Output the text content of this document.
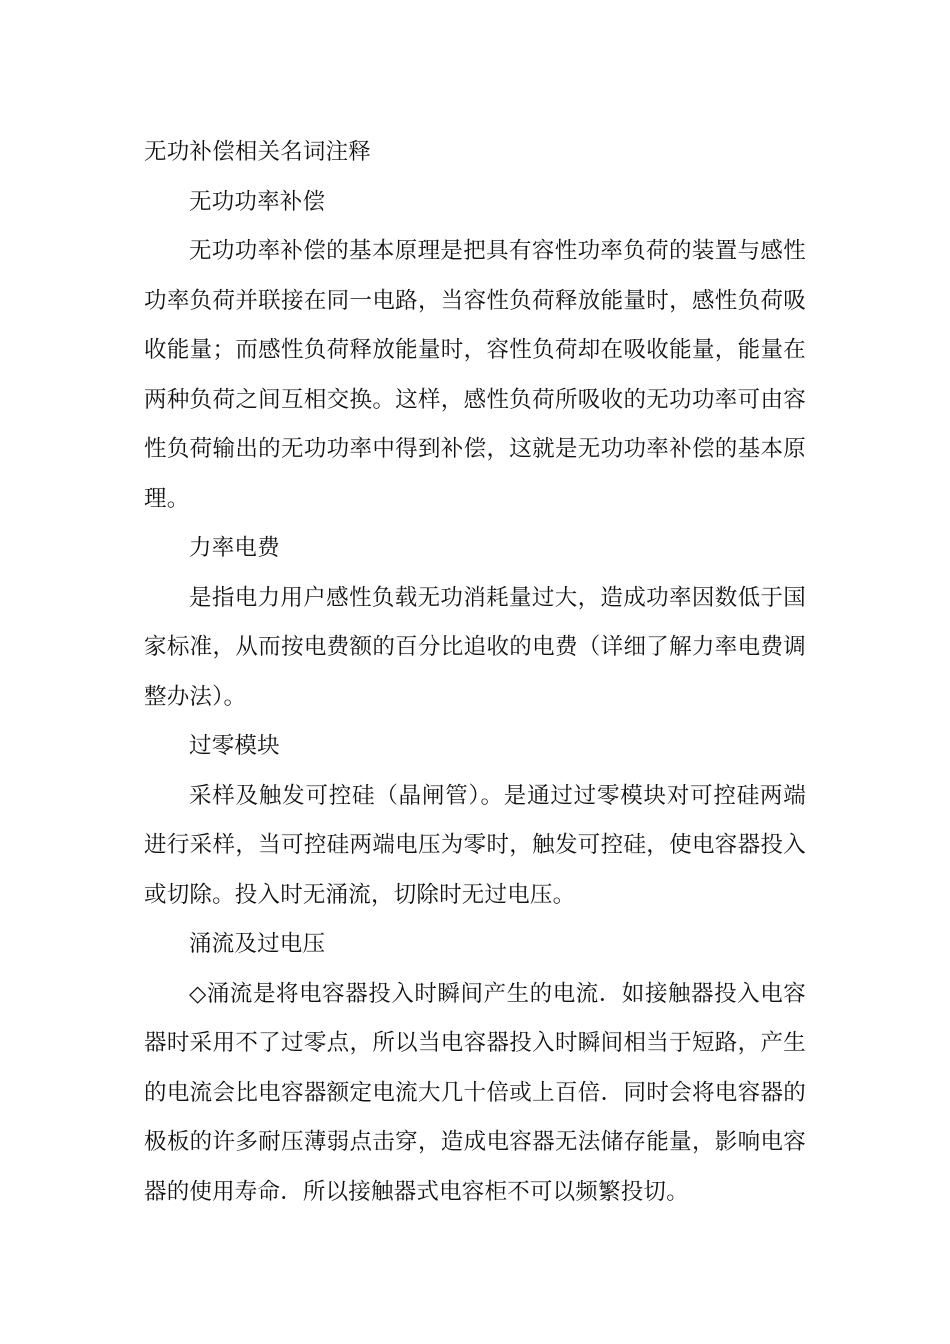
无功补偿相关名词注释

无功功率补偿

无功功率补偿的基本原理是把具有容性功率负荷的装置与感性功率负荷并联接在同一电路，当容性负荷释放能量时，感性负荷吸收能量；而感性负荷释放能量时，容性负荷却在吸收能量，能量在两种负荷之间互相交换。这样，感性负荷所吸收的无功功率可由容性负荷输出的无功功率中得到补偿，这就是无功功率补偿的基本原理。

力率电费

是指电力用户感性负载无功消耗量过大，造成功率因数低于国家标准，从而按电费额的百分比追收的电费（详细了解力率电费调整办法）。

过零模块

采样及触发可控硅（晶闸管）。是通过过零模块对可控硅两端进行采样，当可控硅两端电压为零时，触发可控硅，使电容器投入或切除。投入时无涌流，切除时无过电压。

涌流及过电压

◇涌流是将电容器投入时瞬间产生的电流．如接触器投入电容器时采用不了过零点，所以当电容器投入时瞬间相当于短路，产生的电流会比电容器额定电流大几十倍或上百倍．同时会将电容器的极板的许多耐压薄弱点击穿，造成电容器无法储存能量，影响电容器的使用寿命．所以接触器式电容柜不可以频繁投切。
